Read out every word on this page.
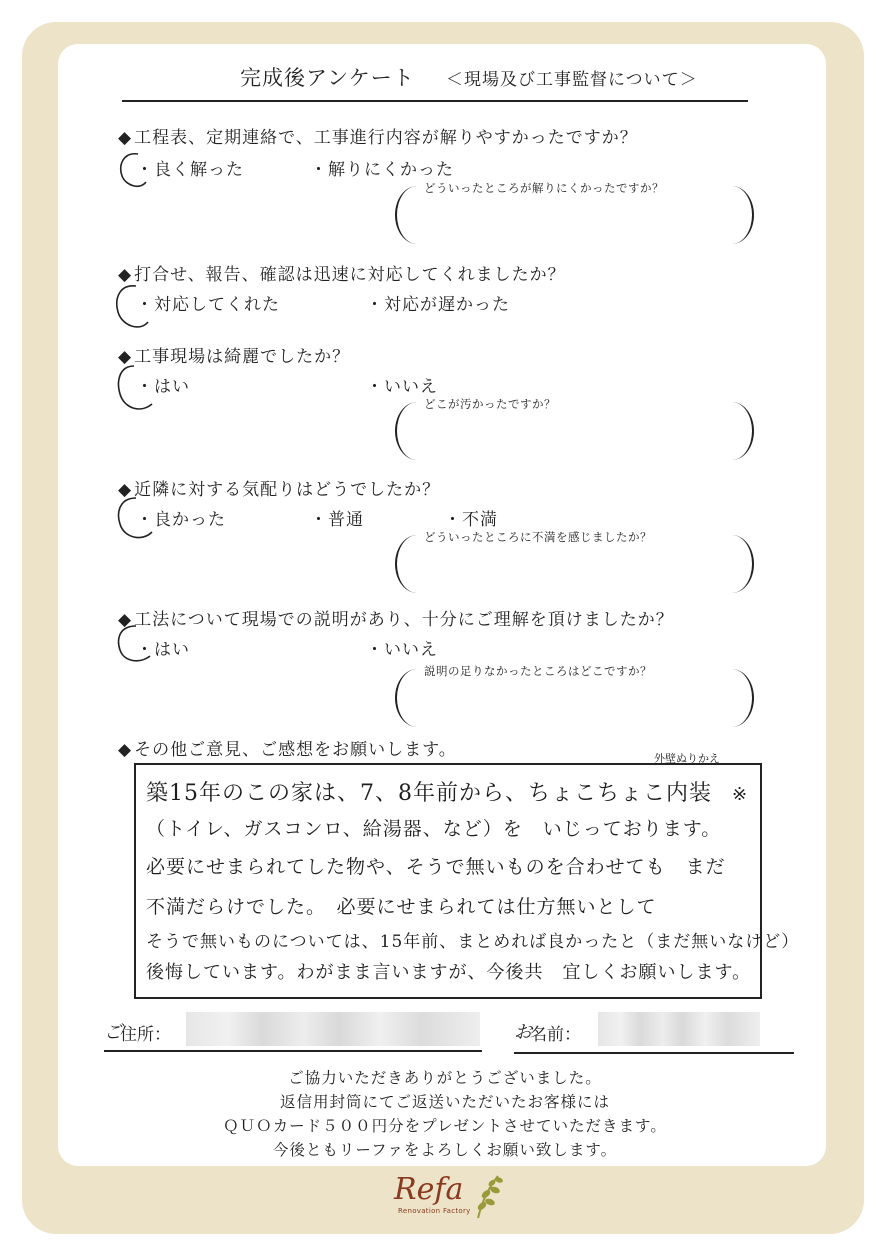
完成後アンケート ＜現場及び工事監督について＞
◆ 工程表、定期連絡で、工事進行内容が解りやすかったですか？
・良く解った	・解りにくかった
どういったところが解りにくかったですか？
◆ 打合せ、報告、確認は迅速に対応してくれましたか？
・対応してくれた	・対応が遅かった
◆ 工事現場は綺麗でしたか？
・はい	・いいえ
どこが汚かったですか？
◆ 近隣に対する気配りはどうでしたか？
・良かった	・普通	・不満
どういったところに不満を感じましたか？
◆ 工法について現場での説明があり、十分にご理解を頂けましたか？
・はい	・いいえ
説明の足りなかったところはどこですか？
◆ その他ご意見、ご感想をお願いします。	外壁ぬりかえ
築15年のこの家は、7、8年前から、ちょこちょこ内装 ※
（トイレ、ガスコンロ、給湯器、など）を　いじっております。
必要にせまられてした物や、そうで無いものを合わせても　まだ
不満だらけでした。　必要にせまられては仕方無いとして
そうで無いものについては、15年前、まとめれば良かったと（まだ無いなけど）
後悔しています。わがまま言いますが、今後共　宜しくお願いします。
ご
住所：	お
名前：
ご協力いただきありがとうございました。
返信用封筒にてご返送いただいたお客様には
ＱＵＯカード５００円分をプレゼントさせていただきます。
今後ともリーファをよろしくお願い致します。
Refa
Renovation Factory
